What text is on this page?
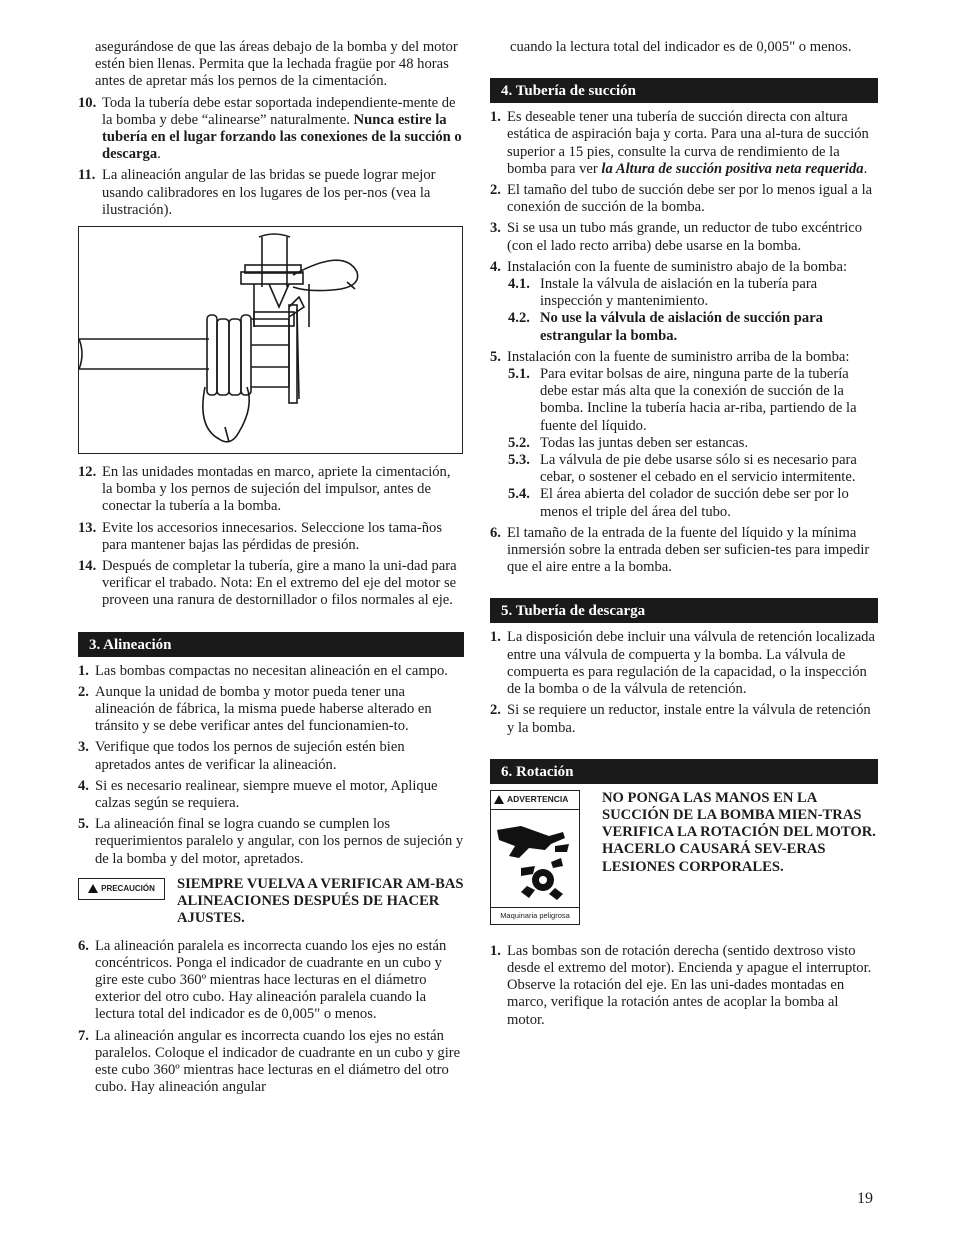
asegurándose de que las áreas debajo de la bomba y del motor estén bien llenas. Permita que la lechada fragüe por 48 horas antes de apretar más los pernos de la cimentación.

10. Toda la tubería debe estar soportada independiente-mente de la bomba y debe “alinearse” naturalmente. Nunca estire la tubería en el lugar forzando las conexiones de la succión o descarga.
11. La alineación angular de las bridas se puede lograr mejor usando calibradores en los lugares de los per-nos (vea la ilustración).
12. En las unidades montadas en marco, apriete la cimentación, la bomba y los pernos de sujeción del impulsor, antes de conectar la tubería a la bomba.
13. Evite los accesorios innecesarios. Seleccione los tama-ños para mantener bajas las pérdidas de presión.
14. Después de completar la tubería, gire a mano la uni-dad para verificar el trabado. Nota: En el extremo del eje del motor se proveen una ranura de destornillador o filos normales al eje.
3. Alineación
1. Las bombas compactas no necesitan alineación en el campo.
2. Aunque la unidad de bomba y motor pueda tener una alineación de fábrica, la misma puede haberse alterado en tránsito y se debe verificar antes del funcionamien-to.
3. Verifique que todos los pernos de sujeción estén bien apretados antes de verificar la alineación.
4. Si es necesario realinear, siempre mueve el motor, Aplique calzas según se requiera.
5. La alineación final se logra cuando se cumplen los requerimientos paralelo y angular, con los pernos de sujeción y de la bomba y del motor, apretados.
PRECAUCIÓN	SIEMPRE VUELVA A VERIFICAR AM-BAS ALINEACIONES DESPUÉS DE HACER AJUSTES.
6. La alineación paralela es incorrecta cuando los ejes no están concéntricos. Ponga el indicador de cuadrante en un cubo y gire este cubo 360º mientras hace lecturas en el diámetro exterior del otro cubo. Hay alineación paralela cuando la lectura total del indicador es de 0,005" o menos.
7. La alineación angular es incorrecta cuando los ejes no están paralelos. Coloque el indicador de cuadrante en un cubo y gire este cubo 360º mientras hace lecturas en el diámetro del otro cubo. Hay alineación angular

cuando la lectura total del indicador es de 0,005" o menos.

4. Tubería de succión
1. Es deseable tener una tubería de succión directa con altura estática de aspiración baja y corta. Para una al-tura de succión superior a 15 pies, consulte la curva de rendimiento de la bomba para ver la Altura de succión positiva neta requerida.
2. El tamaño del tubo de succión debe ser por lo menos igual a la conexión de succión de la bomba.
3. Si se usa un tubo más grande, un reductor de tubo excéntrico (con el lado recto arriba) debe usarse en la bomba.
4. Instalación con la fuente de suministro abajo de la bomba:
4.1. Instale la válvula de aislación en la tubería para inspección y mantenimiento.
4.2. No use la válvula de aislación de succión para estrangular la bomba.
5. Instalación con la fuente de suministro arriba de la bomba:
5.1. Para evitar bolsas de aire, ninguna parte de la tubería debe estar más alta que la conexión de succión de la bomba. Incline la tubería hacia ar-riba, partiendo de la fuente del líquido.
5.2. Todas las juntas deben ser estancas.
5.3. La válvula de pie debe usarse sólo si es necesario para cebar, o sostener el cebado en el servicio intermitente.
5.4. El área abierta del colador de succión debe ser por lo menos el triple del área del tubo.
6. El tamaño de la entrada de la fuente del líquido y la mínima inmersión sobre la entrada deben ser suficien-tes para impedir que el aire entre a la bomba.
5. Tubería de descarga
1. La disposición debe incluir una válvula de retención localizada entre una válvula de compuerta y la bomba. La válvula de compuerta es para regulación de la capacidad, o la inspección de la bomba o de la válvula de retención.
2. Si se requiere un reductor, instale entre la válvula de retención y la bomba.
6. Rotación
ADVERTENCIA
Maquinaria peligrosa
NO PONGA LAS MANOS EN LA SUCCIÓN DE LA BOMBA MIEN-TRAS VERIFICA LA ROTACIÓN DEL MOTOR. HACERLO CAUSARÁ SEV-ERAS LESIONES CORPORALES.
1. Las bombas son de rotación derecha (sentido dextroso visto desde el extremo del motor). Encienda y apague el interruptor. Observe la rotación del eje. En las uni-dades montadas en marco, verifique la rotación antes de acoplar la bomba al motor.
19
